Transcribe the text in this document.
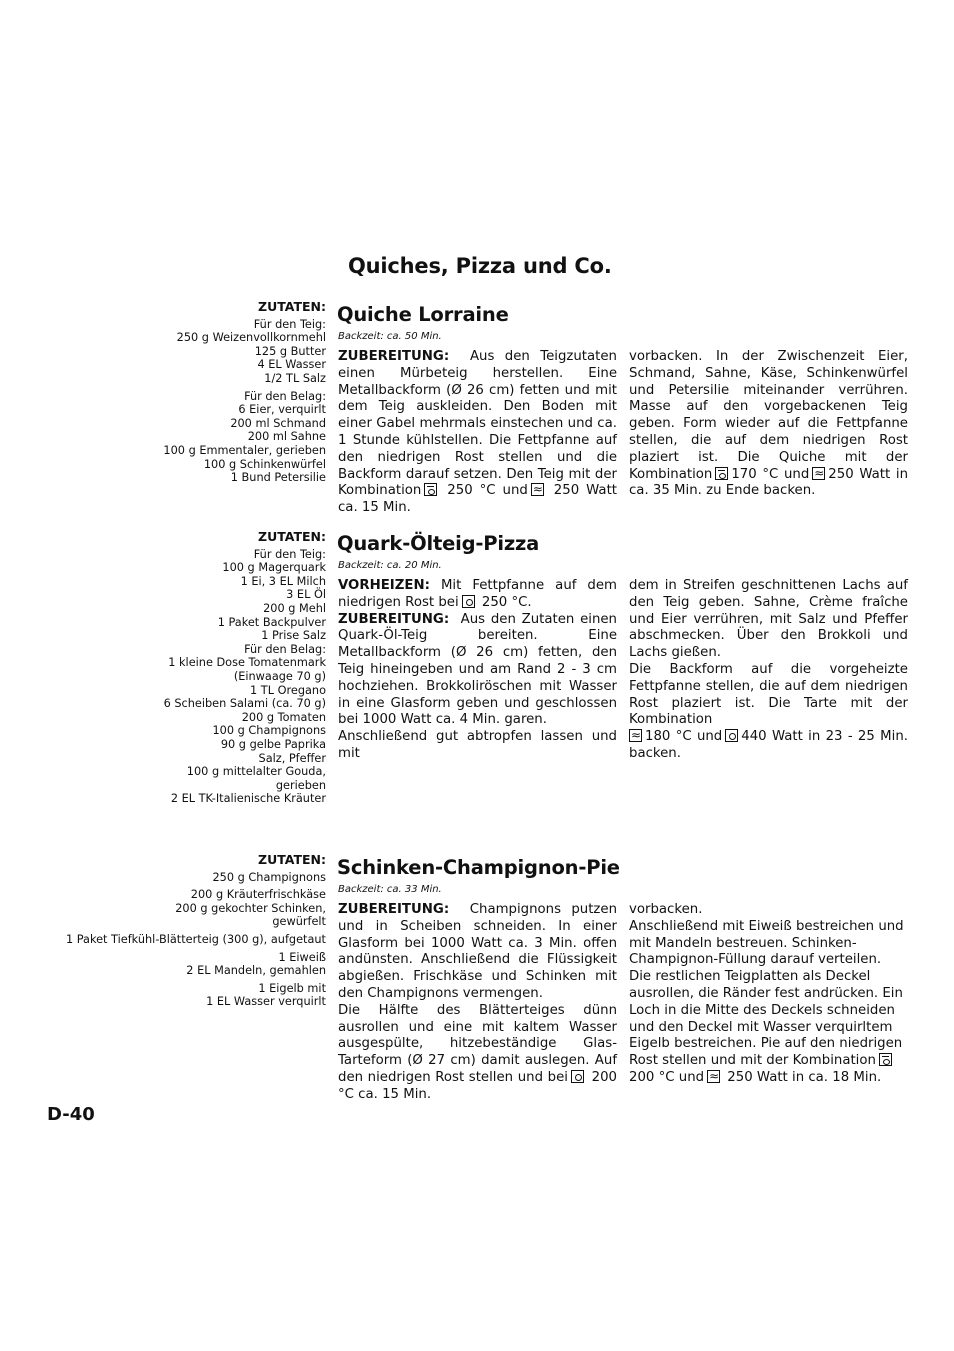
Quiches, Pizza und Co.
ZUTATEN:
Für den Teig:
250 g Weizenvollkornmehl
125 g Butter
4 EL Wasser
1/2 TL Salz
Für den Belag:
6 Eier, verquirlt
200 ml Schmand
200 ml Sahne
100 g Emmentaler, gerieben
100 g Schinkenwürfel
1 Bund Petersilie
Quiche Lorraine
Backzeit: ca. 50 Min.

ZUBEREITUNG: Aus den Teigzutaten einen Mürbeteig herstellen. Eine Metallbackform (Ø 26 cm) fetten und mit dem Teig auskleiden. Den Boden mit einer Gabel mehrmals einstechen und ca. 1 Stunde kühlstellen. Die Fettpfanne auf den niedrigen Rost stellen und die Backform darauf setzen. Den Teig mit der Kombination 250 °C und ≈ 250 Watt ca. 15 Min.

vorbacken. In der Zwischenzeit Eier, Schmand, Sahne, Käse, Schinkenwürfel und Petersilie miteinander verrühren. Masse auf den vorgebackenen Teig geben. Form wieder auf die Fettpfanne stellen, die auf dem niedrigen Rost plaziert ist. Die Quiche mit der Kombination 170 °C und ≈ 250 Watt in ca. 35 Min. zu Ende backen.

ZUTATEN:
Für den Teig:
100 g Magerquark
1 Ei, 3 EL Milch
3 EL Öl
200 g Mehl
1 Paket Backpulver
1 Prise Salz
Für den Belag:
1 kleine Dose Tomatenmark
(Einwaage 70 g)
1 TL Oregano
6 Scheiben Salami (ca. 70 g)
200 g Tomaten
100 g Champignons
90 g gelbe Paprika
Salz, Pfeffer
100 g mittelalter Gouda,
gerieben
2 EL TK-Italienische Kräuter
Quark-Ölteig-Pizza
Backzeit: ca. 20 Min.

VORHEIZEN: Mit Fettpfanne auf dem niedrigen Rost bei 250 °C.

ZUBEREITUNG: Aus den Zutaten einen Quark-Öl-Teig bereiten. Eine Metallbackform (Ø 26 cm) fetten, den Teig hineingeben und am Rand 2 - 3 cm hochziehen. Brokkoliröschen mit Wasser in eine Glasform geben und geschlossen bei 1000 Watt ca. 4 Min. garen.

Anschließend gut abtropfen lassen und mit

dem in Streifen geschnittenen Lachs auf den Teig geben. Sahne, Crème fraîche und Eier verrühren, mit Salz und Pfeffer abschmecken. Über den Brokkoli und Lachs gießen.

Die Backform auf die vorgeheizte Fettpfanne stellen, die auf dem niedrigen Rost plaziert ist. Die Tarte mit der Kombination
≈180 °C und 440 Watt in 23 - 25 Min. backen.

ZUTATEN:
250 g Champignons
200 g Kräuterfrischkäse
200 g gekochter Schinken,
gewürfelt
1 Paket Tiefkühl-Blätterteig (300 g), aufgetaut
1 Eiweiß
2 EL Mandeln, gemahlen
1 Eigelb mit
1 EL Wasser verquirlt
Schinken-Champignon-Pie
Backzeit: ca. 33 Min.

ZUBEREITUNG: Champignons putzen und in Scheiben schneiden. In einer Glasform bei 1000 Watt ca. 3 Min. offen andünsten. Anschließend die Flüssigkeit abgießen. Frischkäse und Schinken mit den Champignons vermengen.

Die Hälfte des Blätterteiges dünn ausrollen und eine mit kaltem Wasser ausgespülte, hitzebeständige Glas-Tarteform (Ø 27 cm) damit auslegen. Auf den niedrigen Rost stellen und bei 200 °C ca. 15 Min.

vorbacken.

Anschließend mit Eiweiß bestreichen und mit Mandeln bestreuen. Schinken-Champignon-Füllung darauf verteilen.

Die restlichen Teigplatten als Deckel ausrollen, die Ränder fest andrücken. Ein Loch in die Mitte des Deckels schneiden und den Deckel mit Wasser verquirltem Eigelb bestreichen. Pie auf den niedrigen Rost stellen und mit der Kombination
200 °C und ≈ 250 Watt in ca. 18 Min.

D-40
